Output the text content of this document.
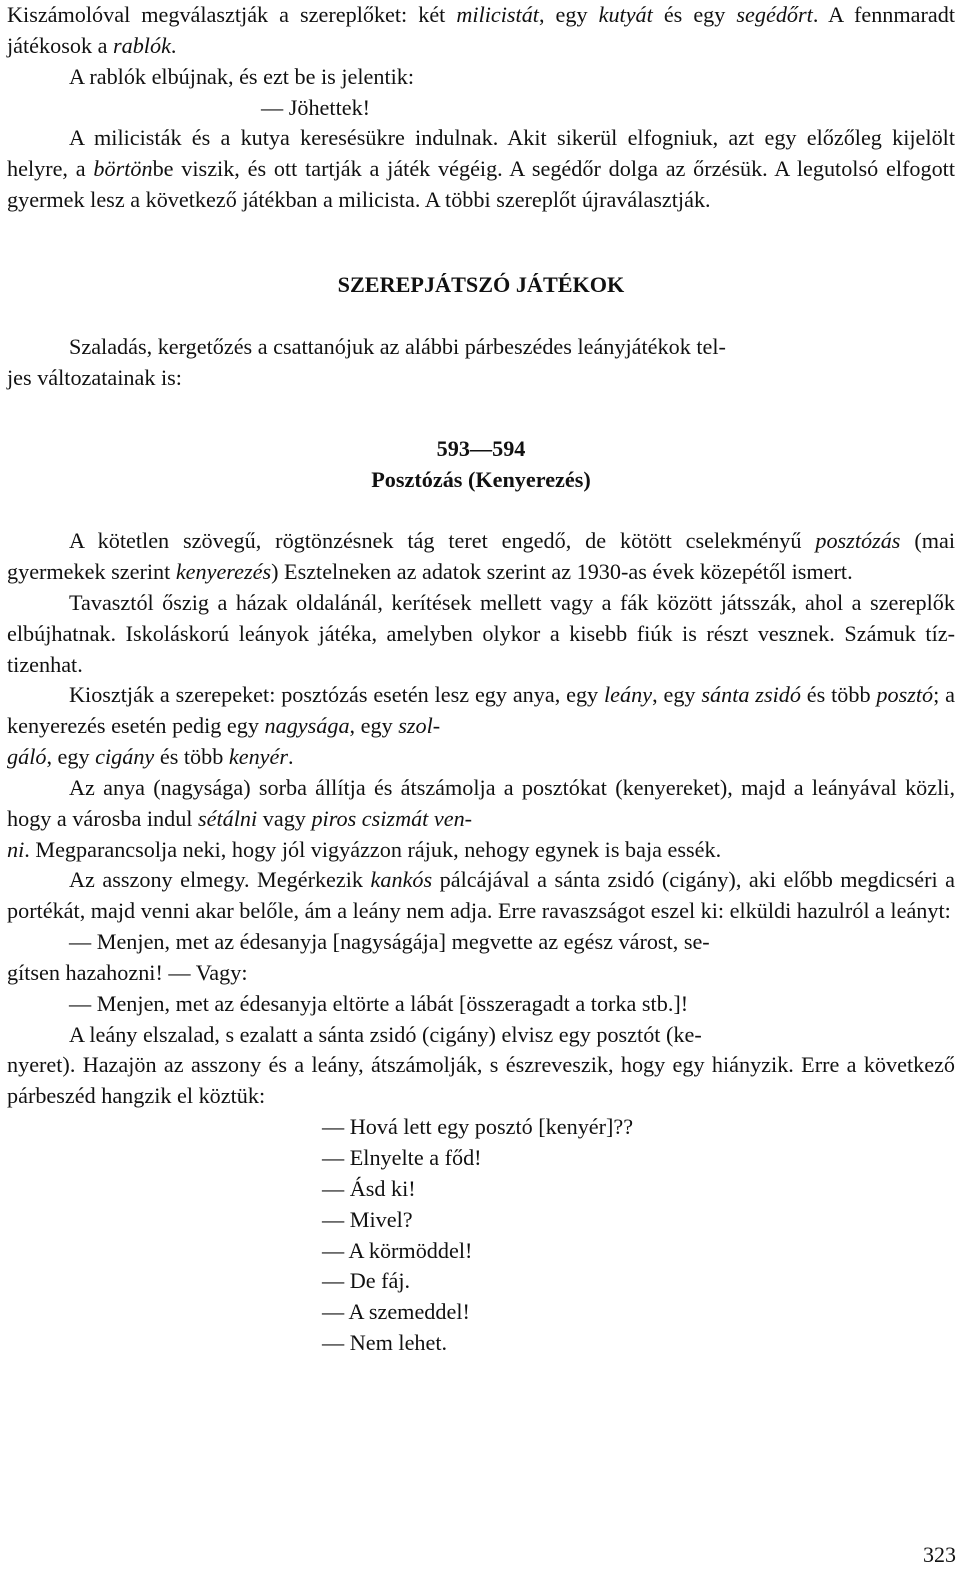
Kiszámolóval megválasztják a szereplőket: két milicistát, egy kutyát és egy segédőrt. A fennmaradt játékosok a rablók.

A rablók elbújnak, és ezt be is jelentik:

— Jöhettek!

A milicisták és a kutya keresésükre indulnak. Akit sikerül elfogniuk, azt egy előzőleg kijelölt helyre, a börtönbe viszik, és ott tartják a játék végéig. A segédőr dolga az őrzésük. A legutolsó elfogott gyermek lesz a következő játékban a milicista. A többi szereplőt újraválasztják.

SZEREPJÁTSZÓ JÁTÉKOK

Szaladás, kergetőzés a csattanójuk az alábbi párbeszédes leányjátékok tel-
jes változatainak is:

593—594

Posztózás (Kenyerezés)

A kötetlen szövegű, rögtönzésnek tág teret engedő, de kötött cselekményű posztózás (mai gyermekek szerint kenyerezés) Esztelneken az adatok szerint az 1930-as évek közepétől ismert.

Tavasztól őszig a házak oldalánál, kerítések mellett vagy a fák között játsszák, ahol a szereplők elbújhatnak. Iskoláskorú leányok játéka, amelyben olykor a kisebb fiúk is részt vesznek. Számuk tíz-tizenhat.

Kiosztják a szerepeket: posztózás esetén lesz egy anya, egy leány, egy sánta zsidó és több posztó; a kenyerezés esetén pedig egy nagysága, egy szol-
gáló, egy cigány és több kenyér.

Az anya (nagysága) sorba állítja és átszámolja a posztókat (kenyereket), majd a leányával közli, hogy a városba indul sétálni vagy piros csizmát ven-
ni. Megparancsolja neki, hogy jól vigyázzon rájuk, nehogy egynek is baja essék.

Az asszony elmegy. Megérkezik kankós pálcájával a sánta zsidó (cigány), aki előbb megdicséri a portékát, majd venni akar belőle, ám a leány nem adja. Erre ravaszságot eszel ki: elküldi hazulról a leányt:

— Menjen, met az édesanyja [nagyságája] megvette az egész várost, se-
gítsen hazahozni! — Vagy:

— Menjen, met az édesanyja eltörte a lábát [összeragadt a torka stb.]!

A leány elszalad, s ezalatt a sánta zsidó (cigány) elvisz egy posztót (ke-
nyeret). Hazajön az asszony és a leány, átszámolják, s észreveszik, hogy egy hiányzik. Erre a következő párbeszéd hangzik el köztük:

— Hová lett egy posztó [kenyér]??

— Elnyelte a főd!

— Ásd ki!

— Mivel?

— A körmöddel!

— De fáj.

— A szemeddel!

— Nem lehet.

323
